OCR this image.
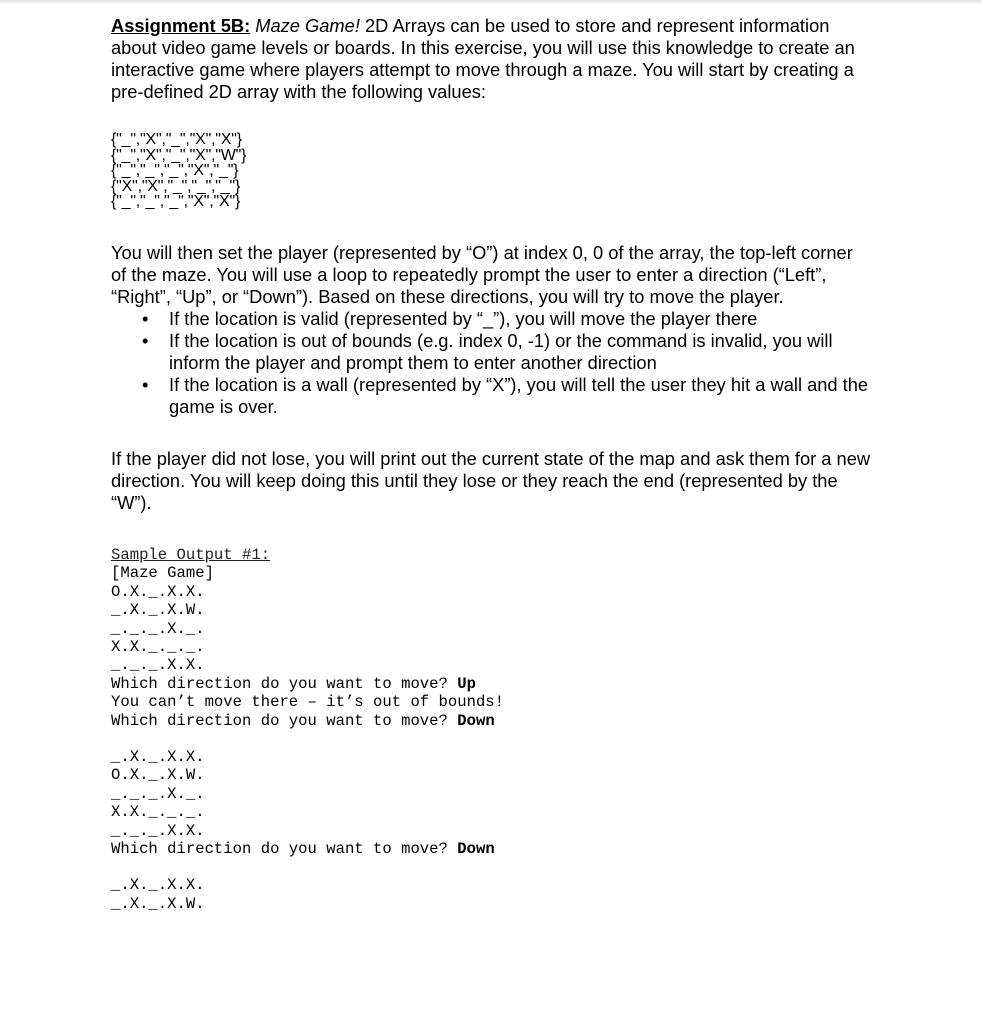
Assignment 5B: Maze Game! 2D Arrays can be used to store and represent information about video game levels or boards. In this exercise, you will use this knowledge to create an interactive game where players attempt to move through a maze. You will start by creating a pre-defined 2D array with the following values:

{"_","X","_","X","X"}
{"_","X","_","X","W"}
{"_","_","_","X","_"}
{"X","X","_","_","_"}
{"_","_","_","X","X"}

You will then set the player (represented by “O”) at index 0, 0 of the array, the top-left corner of the maze. You will use a loop to repeatedly prompt the user to enter a direction (“Left”, “Right”, “Up”, or “Down”). Based on these directions, you will try to move the player.

• If the location is valid (represented by “_”), you will move the player there
• If the location is out of bounds (e.g. index 0, -1) or the command is invalid, you will inform the player and prompt them to enter another direction
• If the location is a wall (represented by “X”), you will tell the user they hit a wall and the game is over.

If the player did not lose, you will print out the current state of the map and ask them for a new direction. You will keep doing this until they lose or they reach the end (represented by the “W”).

Sample Output #1:
[Maze Game]
O.X._.X.X.
_.X._.X.W.
_._._.X._.
X.X._._._.
_._._.X.X.
Which direction do you want to move? Up
You can’t move there – it’s out of bounds!
Which direction do you want to move? Down
_.X._.X.X.
O.X._.X.W.
_._._.X._.
X.X._._._.
_._._.X.X.
Which direction do you want to move? Down
_.X._.X.X.
_.X._.X.W.
